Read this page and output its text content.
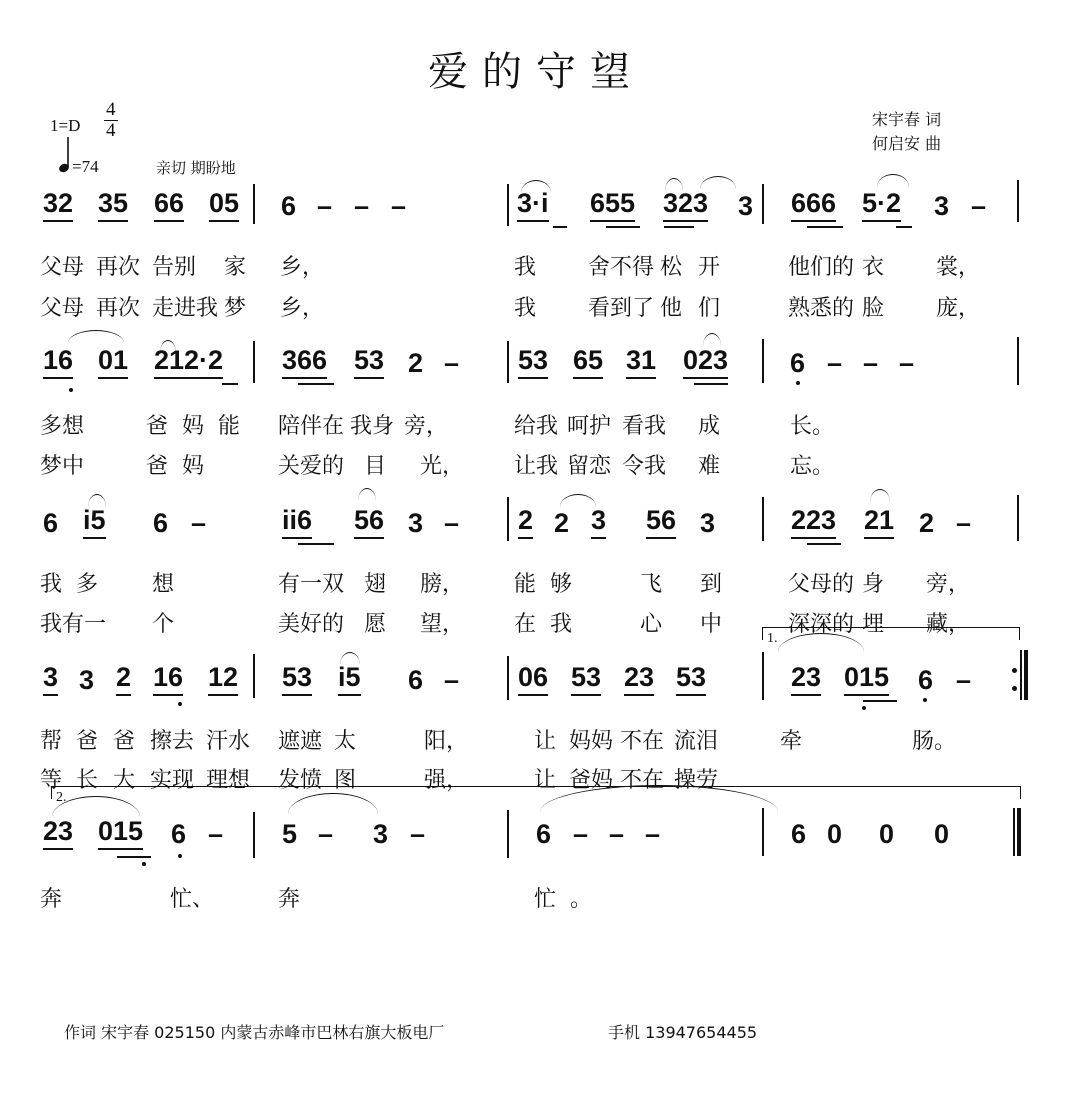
爱的守望
$1=D \frac{4}{4}$
=74	亲切 期盼地
宋宇春 词
何启安 曲
32 35 66 05 6 – – –	3·i 655 323 3 666 5·2 3 –
父母 再次 告别 家 乡，	我 舍不得 松 开	他们的 衣 裳，
父母 再次 走进我 梦 乡，	我 看到了 他 们	熟悉的 脸 庞，
16 01 212·2 366 53 2 – 53 65 31 023 6 – – –
多想	爸 妈 能 陪伴在 我身 旁，	给我 呵护 看我 成	长。
梦中	爸 妈	关爱的 目 光， 让我 留恋 令我 难	忘。
6 i5 6 –	ii6 56 3 – 2 2 3 56 3	223 21 2 –
我 多 想	有一双 翅 膀， 能 够	飞 到	父母的 身 旁，
我有一 个	美好的 愿 望， 在 我	心 中	深深的 埋 藏，
3 3 2 16 12 53 i5 6 – 06 53 23 53
1.
23 015 6 –
帮 爸 爸 擦去 汗水 遮遮 太	阳，	让 妈妈 不在 流泪	牵	肠。
等 长 大 实现 理想 发愤 图	强，	让 爸妈 不在 操劳
2.
23 015 6 – 5 – 3 –	6 – – –	6 0 0 0
奔	忙、	奔	忙 。
作词 宋宇春 025150 内蒙古赤峰市巴林右旗大板电厂	手机 13947654455
